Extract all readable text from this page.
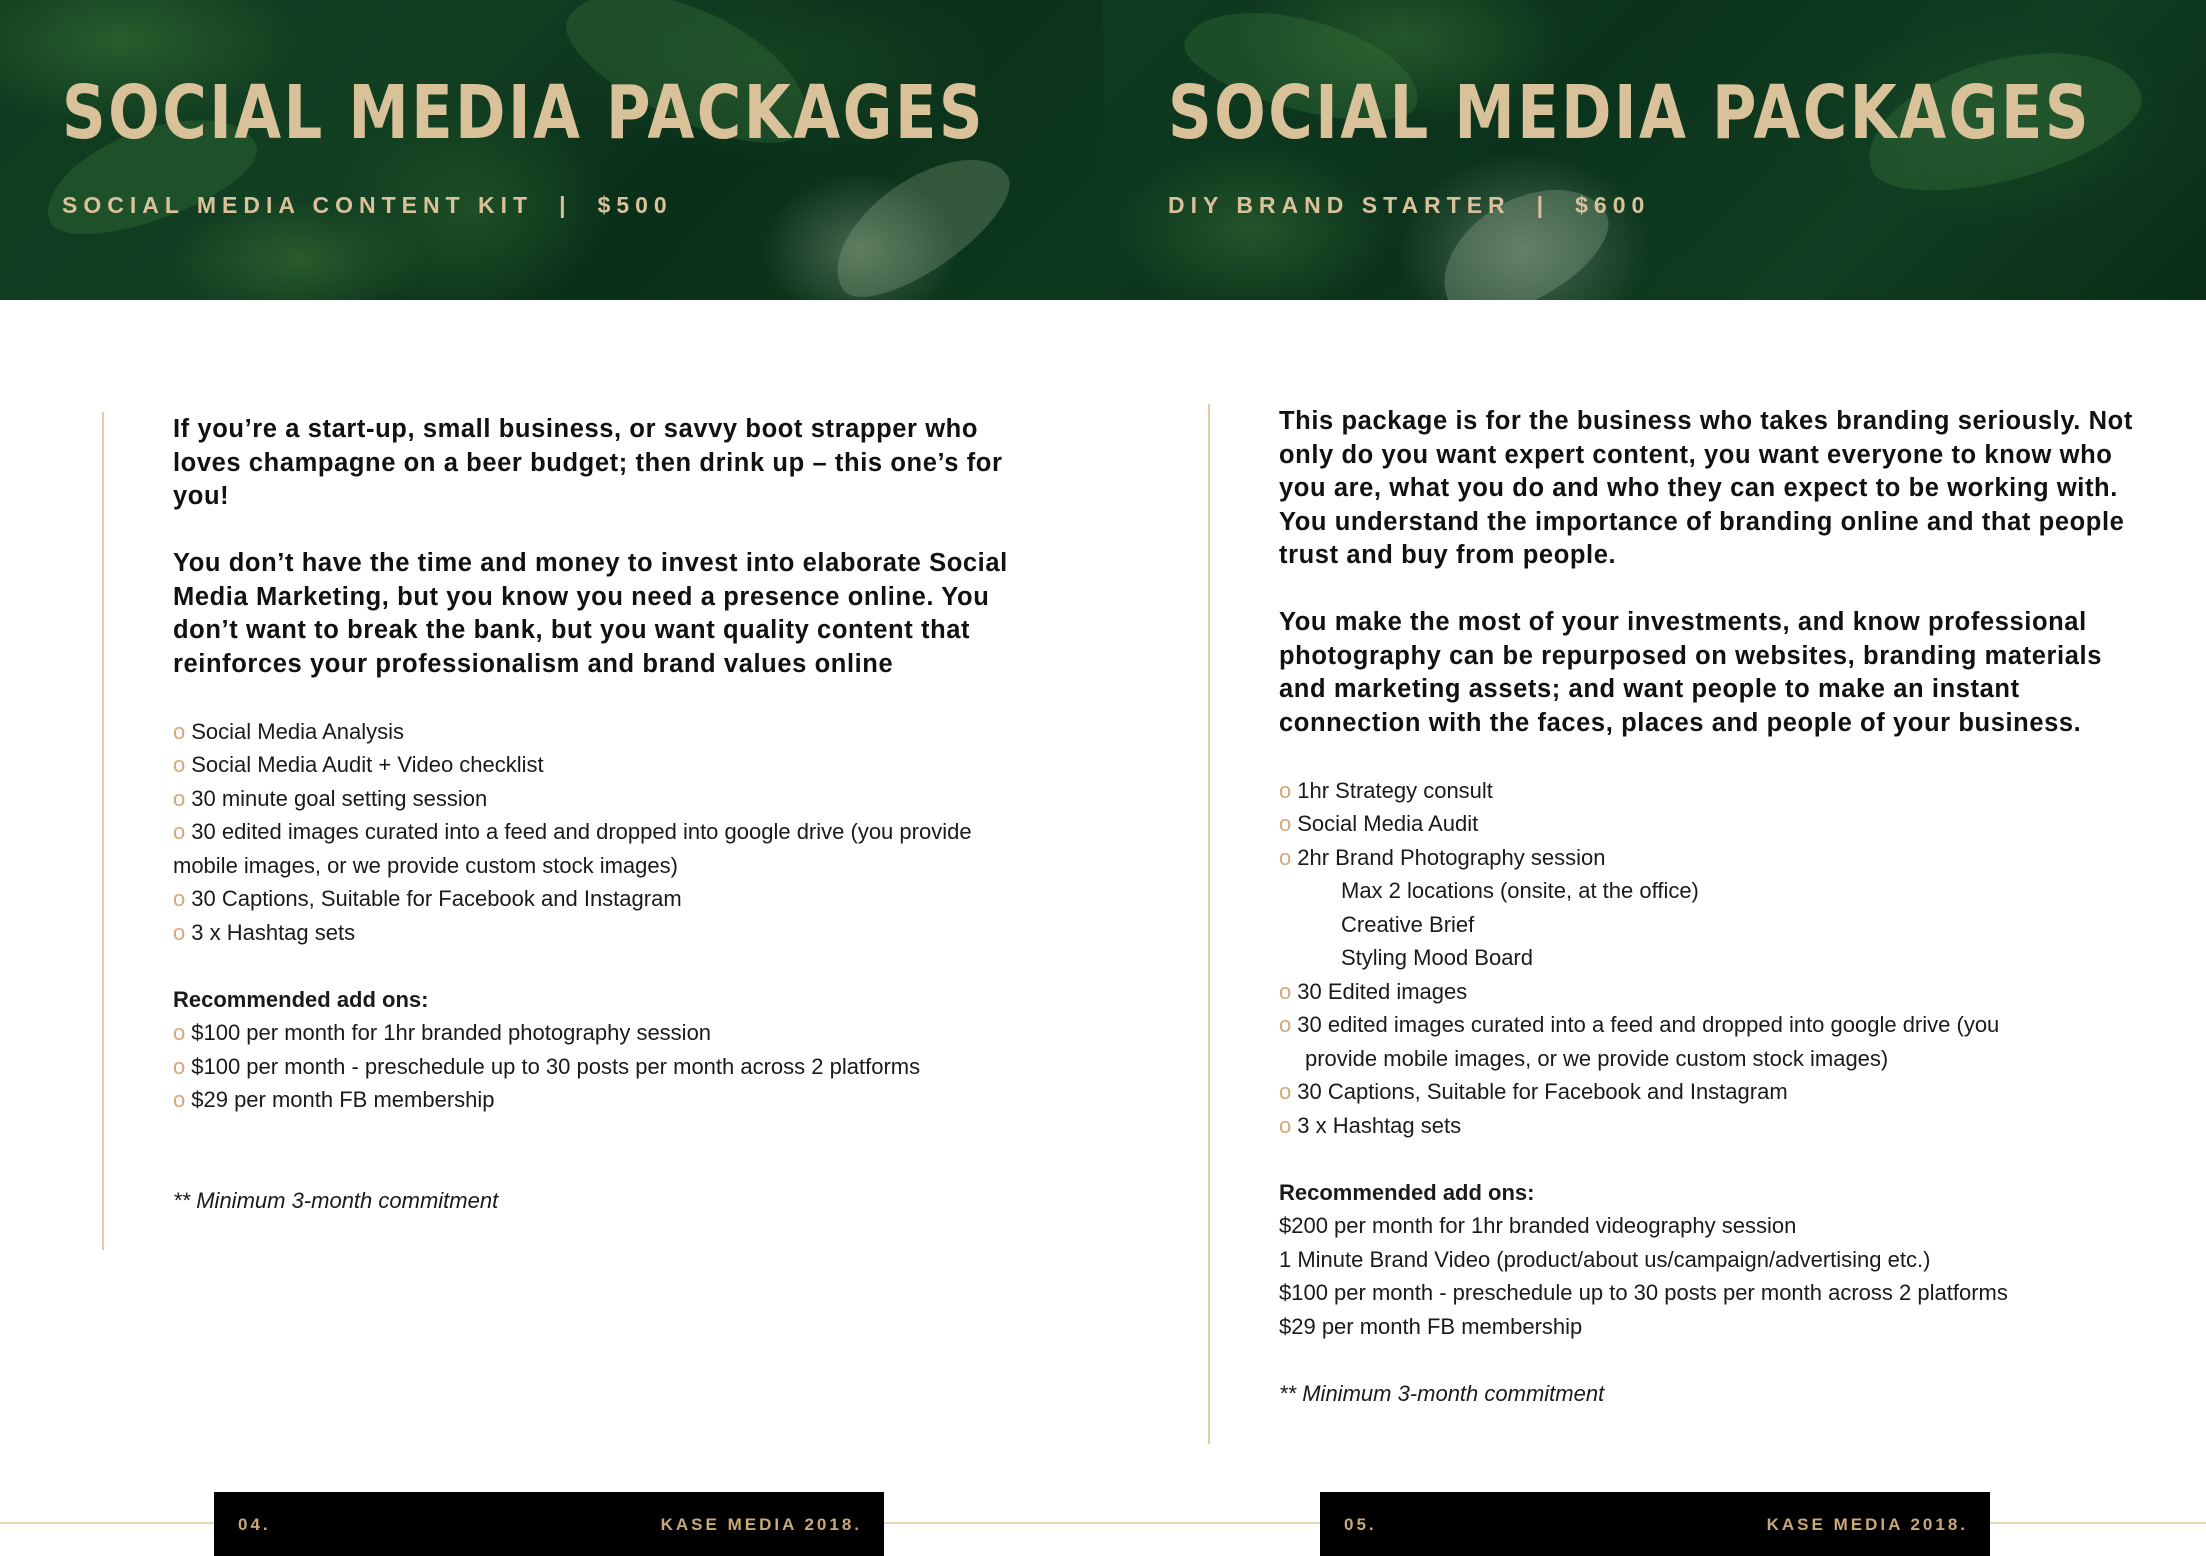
SOCIAL MEDIA PACKAGES
SOCIAL MEDIA CONTENT KIT | $500

If you’re a start-up, small business, or savvy boot strapper who loves champagne on a beer budget; then drink up – this one’s for you!

You don’t have the time and money to invest into elaborate Social Media Marketing, but you know you need a presence online. You don’t want to break the bank, but you want quality content that reinforces your professionalism and brand values online

o Social Media Analysis

o Social Media Audit + Video checklist

o 30 minute goal setting session

o 30 edited images curated into a feed and dropped into google drive (you provide mobile images, or we provide custom stock images)

o 30 Captions, Suitable for Facebook and Instagram

o 3 x Hashtag sets

Recommended add ons:

o $100 per month for 1hr branded photography session

o $100 per month - preschedule up to 30 posts per month across 2 platforms

o $29 per month FB membership

** Minimum 3-month commitment

04.	KASE MEDIA 2018.
SOCIAL MEDIA PACKAGES
DIY BRAND STARTER | $600

This package is for the business who takes branding seriously. Not only do you want expert content, you want everyone to know who you are, what you do and who they can expect to be working with. You understand the importance of branding online and that people trust and buy from people.

You make the most of your investments, and know professional photography can be repurposed on websites, branding materials and marketing assets; and want people to make an instant connection with the faces, places and people of your business.

o 1hr Strategy consult

o Social Media Audit

o 2hr Brand Photography session

Max 2 locations (onsite, at the office)

Creative Brief

Styling Mood Board

o 30 Edited images

o 30 edited images curated into a feed and dropped into google drive (you

provide mobile images, or we provide custom stock images)

o 30 Captions, Suitable for Facebook and Instagram

o 3 x Hashtag sets

Recommended add ons:

$200 per month for 1hr branded videography session

1 Minute Brand Video (product/about us/campaign/advertising etc.)

$100 per month - preschedule up to 30 posts per month across 2 platforms

$29 per month FB membership

** Minimum 3-month commitment

05.	KASE MEDIA 2018.
